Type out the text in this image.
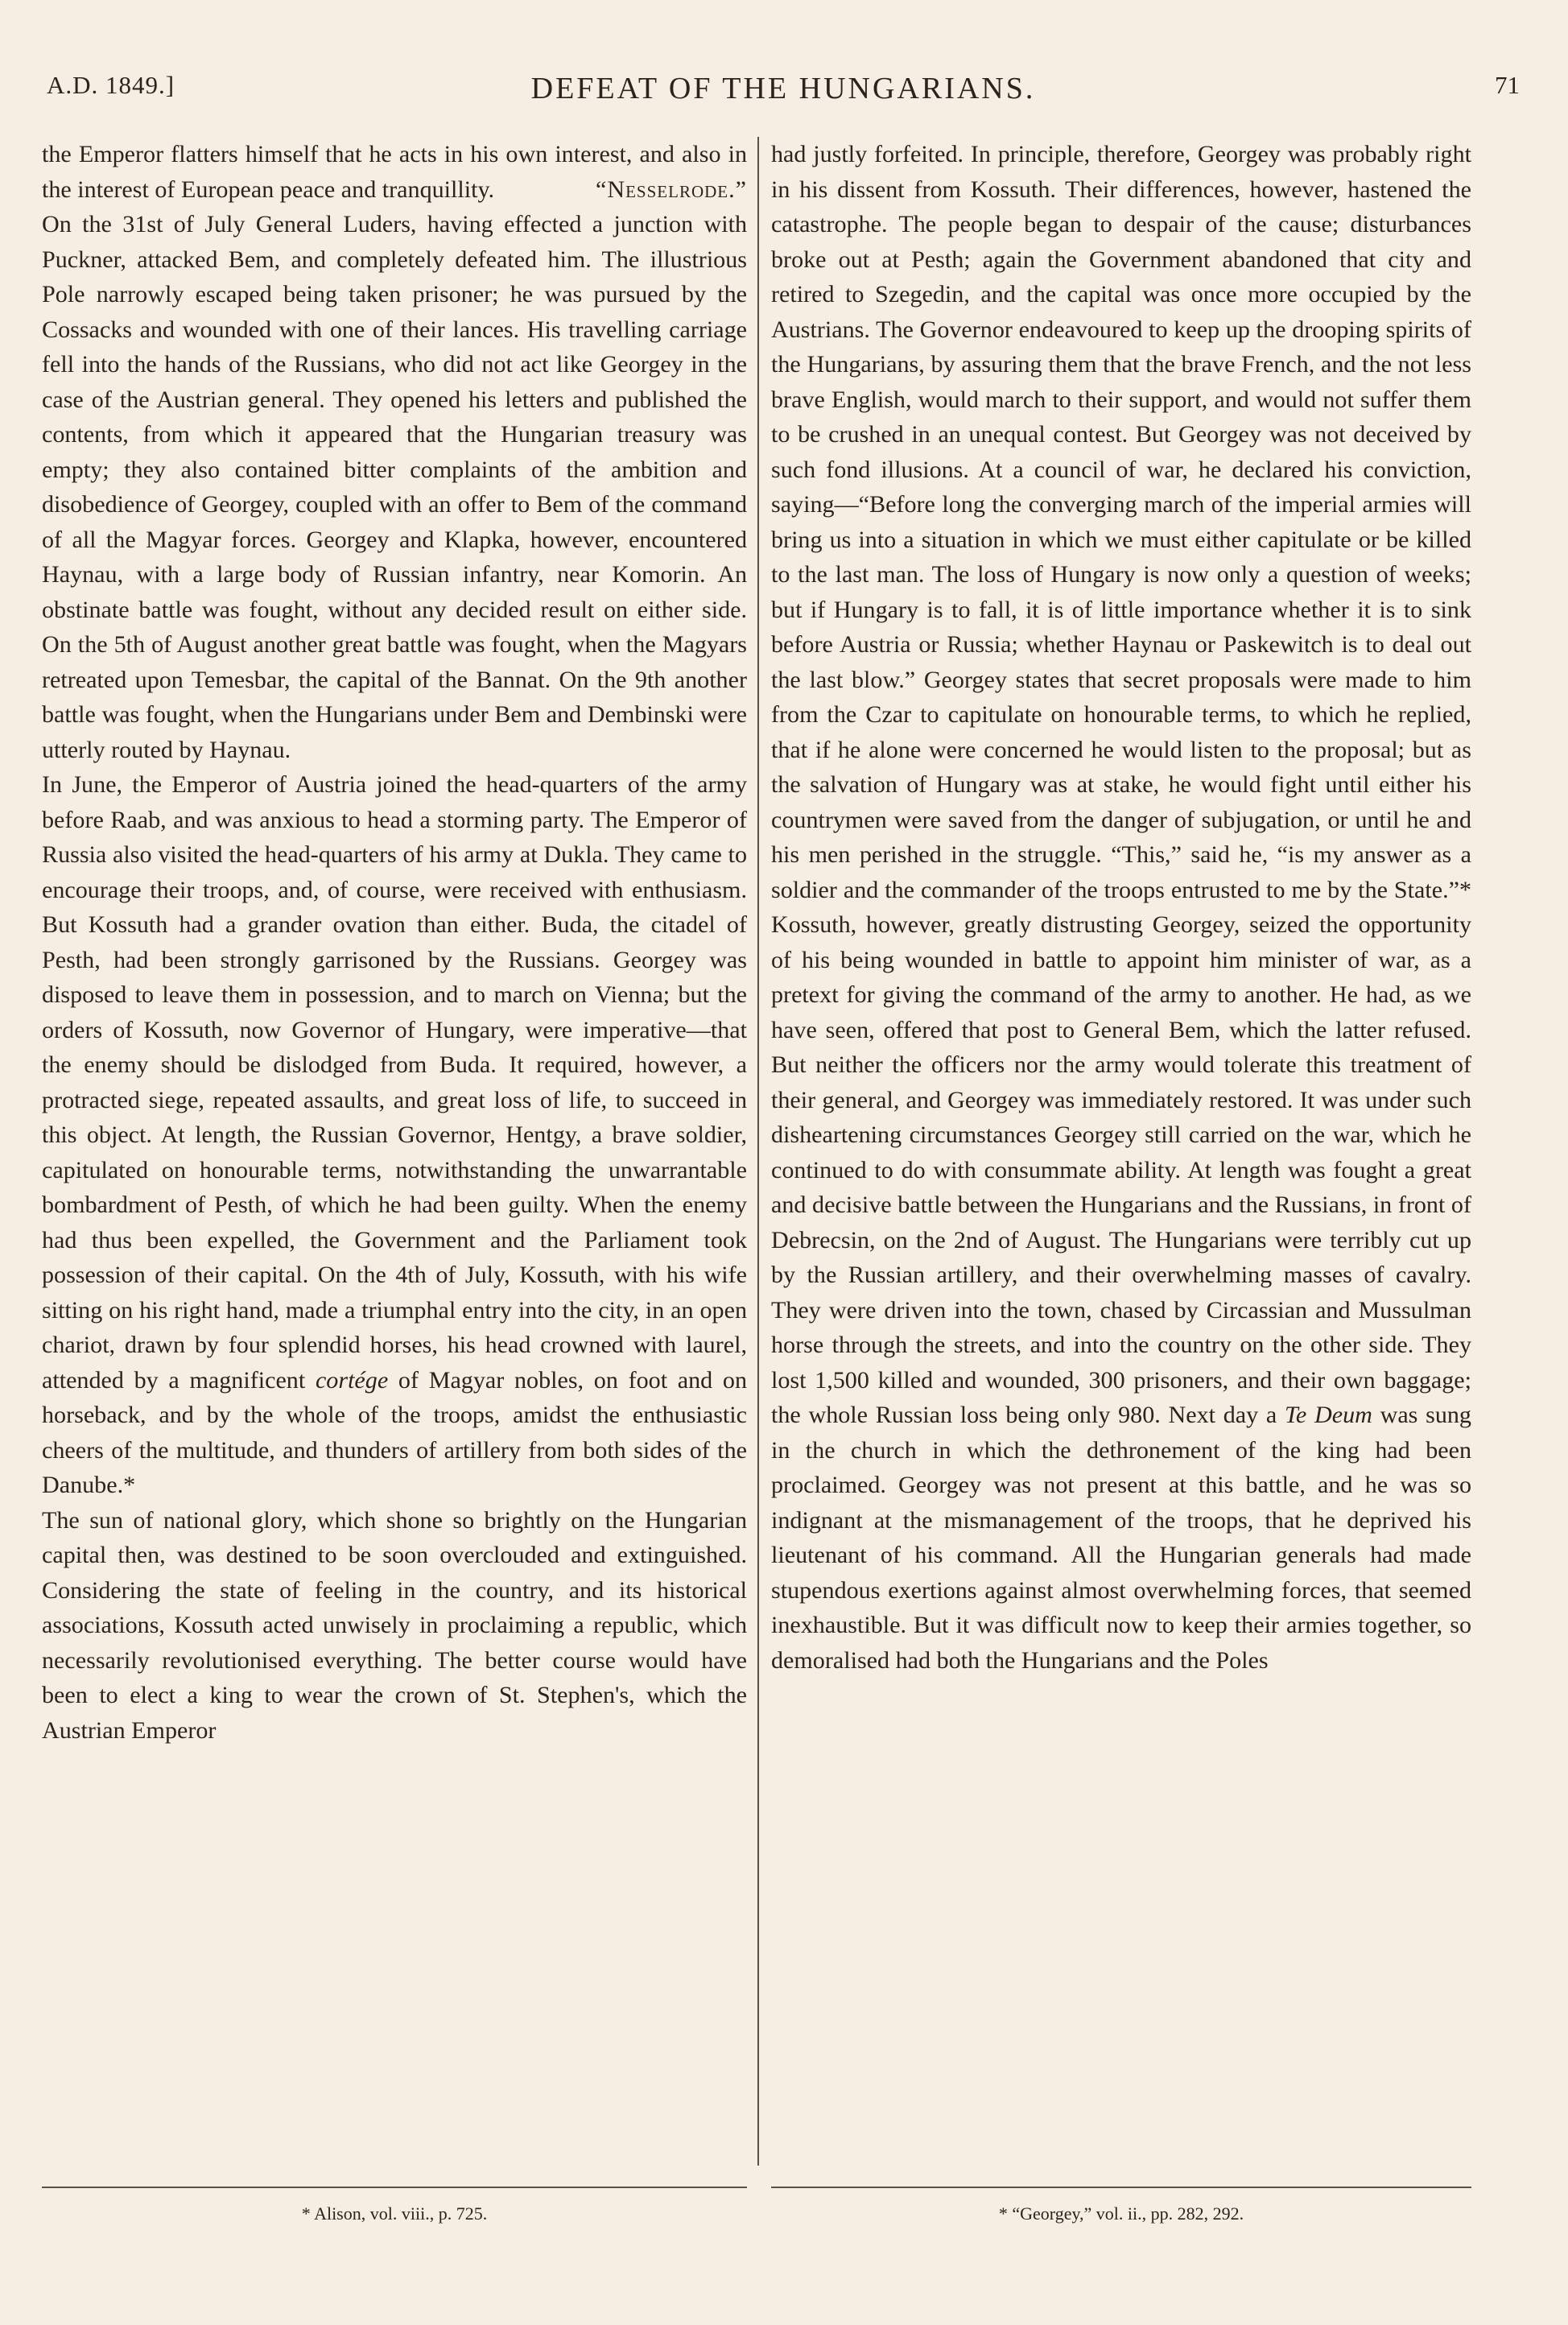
A.D. 1849.]	DEFEAT OF THE HUNGARIANS.	71

the Emperor flatters himself that he acts in his own interest, and also in the interest of European peace and tranquillity.	“Nesselrode.”

On the 31st of July General Luders, having effected a junction with Puckner, attacked Bem, and completely defeated him. The illustrious Pole narrowly escaped being taken prisoner; he was pursued by the Cossacks and wounded with one of their lances. His travelling carriage fell into the hands of the Russians, who did not act like Georgey in the case of the Austrian general. They opened his letters and published the contents, from which it appeared that the Hungarian treasury was empty; they also contained bitter complaints of the ambition and disobedience of Georgey, coupled with an offer to Bem of the command of all the Magyar forces. Georgey and Klapka, however, encountered Haynau, with a large body of Russian infantry, near Komorin. An obstinate battle was fought, without any decided result on either side. On the 5th of August another great battle was fought, when the Magyars retreated upon Temesbar, the capital of the Bannat. On the 9th another battle was fought, when the Hungarians under Bem and Dembinski were utterly routed by Haynau.

In June, the Emperor of Austria joined the head-quarters of the army before Raab, and was anxious to head a storming party. The Emperor of Russia also visited the head-quarters of his army at Dukla. They came to encourage their troops, and, of course, were received with enthusiasm. But Kossuth had a grander ovation than either. Buda, the citadel of Pesth, had been strongly garrisoned by the Russians. Georgey was disposed to leave them in possession, and to march on Vienna; but the orders of Kossuth, now Governor of Hungary, were imperative—that the enemy should be dislodged from Buda. It required, however, a protracted siege, repeated assaults, and great loss of life, to succeed in this object. At length, the Russian Governor, Hentgy, a brave soldier, capitulated on honourable terms, notwithstanding the unwarrantable bombardment of Pesth, of which he had been guilty. When the enemy had thus been expelled, the Government and the Parliament took possession of their capital. On the 4th of July, Kossuth, with his wife sitting on his right hand, made a triumphal entry into the city, in an open chariot, drawn by four splendid horses, his head crowned with laurel, attended by a magnificent cortége of Magyar nobles, on foot and on horseback, and by the whole of the troops, amidst the enthusiastic cheers of the multitude, and thunders of artillery from both sides of the Danube.*

The sun of national glory, which shone so brightly on the Hungarian capital then, was destined to be soon overclouded and extinguished. Considering the state of feeling in the country, and its historical associations, Kossuth acted unwisely in proclaiming a republic, which necessarily revolutionised everything. The better course would have been to elect a king to wear the crown of St. Stephen's, which the Austrian Emperor

had justly forfeited. In principle, therefore, Georgey was probably right in his dissent from Kossuth. Their differences, however, hastened the catastrophe. The people began to despair of the cause; disturbances broke out at Pesth; again the Government abandoned that city and retired to Szegedin, and the capital was once more occupied by the Austrians. The Governor endeavoured to keep up the drooping spirits of the Hungarians, by assuring them that the brave French, and the not less brave English, would march to their support, and would not suffer them to be crushed in an unequal contest. But Georgey was not deceived by such fond illusions. At a council of war, he declared his conviction, saying—“Before long the converging march of the imperial armies will bring us into a situation in which we must either capitulate or be killed to the last man. The loss of Hungary is now only a question of weeks; but if Hungary is to fall, it is of little importance whether it is to sink before Austria or Russia; whether Haynau or Paskewitch is to deal out the last blow.” Georgey states that secret proposals were made to him from the Czar to capitulate on honourable terms, to which he replied, that if he alone were concerned he would listen to the proposal; but as the salvation of Hungary was at stake, he would fight until either his countrymen were saved from the danger of subjugation, or until he and his men perished in the struggle. “This,” said he, “is my answer as a soldier and the commander of the troops entrusted to me by the State.”* Kossuth, however, greatly distrusting Georgey, seized the opportunity of his being wounded in battle to appoint him minister of war, as a pretext for giving the command of the army to another. He had, as we have seen, offered that post to General Bem, which the latter refused. But neither the officers nor the army would tolerate this treatment of their general, and Georgey was immediately restored. It was under such disheartening circumstances Georgey still carried on the war, which he continued to do with consummate ability. At length was fought a great and decisive battle between the Hungarians and the Russians, in front of Debrecsin, on the 2nd of August. The Hungarians were terribly cut up by the Russian artillery, and their overwhelming masses of cavalry. They were driven into the town, chased by Circassian and Mussulman horse through the streets, and into the country on the other side. They lost 1,500 killed and wounded, 300 prisoners, and their own baggage; the whole Russian loss being only 980. Next day a Te Deum was sung in the church in which the dethronement of the king had been proclaimed. Georgey was not present at this battle, and he was so indignant at the mismanagement of the troops, that he deprived his lieutenant of his command. All the Hungarian generals had made stupendous exertions against almost overwhelming forces, that seemed inexhaustible. But it was difficult now to keep their armies together, so demoralised had both the Hungarians and the Poles

* Alison, vol. viii., p. 725.	* “Georgey,” vol. ii., pp. 282, 292.
